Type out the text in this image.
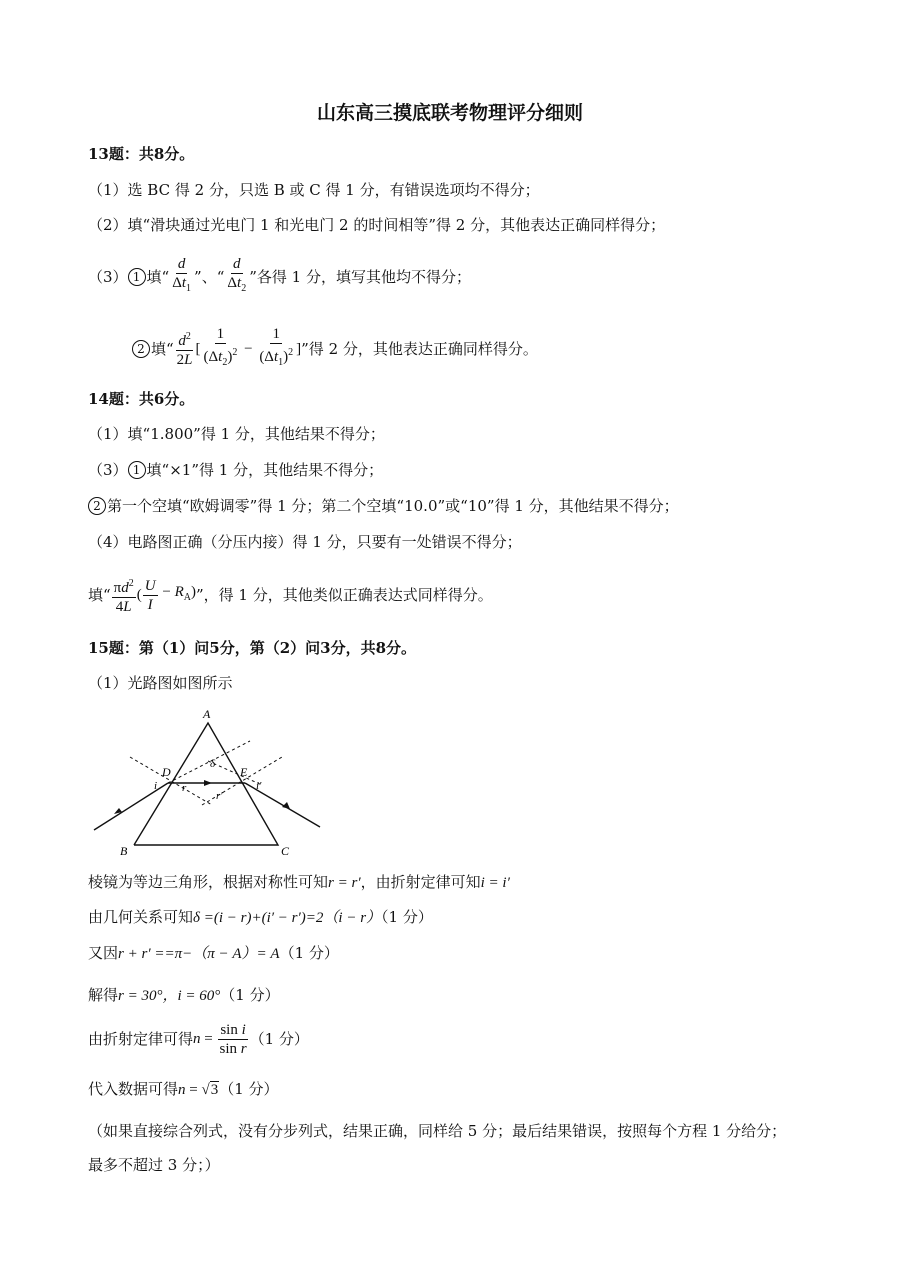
山东高三摸底联考物理评分细则
13题：共8分。
（1）选 BC 得 2 分，只选 B 或 C 得 1 分，有错误选项均不得分；
（2）填“滑块通过光电门 1 和光电门 2 的时间相等”得 2 分，其他表达正确同样得分；
（3） 1 填“ $\frac{d}{\Delta t_1}$ ”、“ $\frac{d}{\Delta t_2}$ ”各得 1 分，填写其他均不得分；
2 填“ $\frac{d^2}{2L}$ [ $\frac{1}{(\Delta t_2)^2} - \frac{1}{(\Delta t_1)^2}$ ] ”得 2 分，其他表达正确同样得分。
14题：共6分。
（1）填“1.800”得 1 分，其他结果不得分；
（3） 1 填“×1”得 1 分，其他结果不得分；
2 第一个空填“欧姆调零”得 1 分；第二个空填“10.0”或“10”得 1 分，其他结果不得分；
（4）电路图正确（分压内接）得 1 分，只要有一处错误不得分；
填“ $\frac{\pi d^2}{4L}$ ( $\frac{U}{I} - R_A$) ”，得 1 分，其他类似正确表达式同样得分。
15题：第（1）问5分，第（2）问3分，共8分。
（1）光路图如图所示
A
B	C
D	E
i r
r′
i′
δ
棱镜为等边三角形，根据对称性可知r = r′，由折射定律可知i = i′
由几何关系可知δ =(i − r)+(i′ − r′)=2（i − r）（1 分）
又因r + r′ ==π−（π − A）= A（1 分）
解得r = 30°，i = 60°（1 分）
由折射定律可得 $n = \frac{\text{sin i}}{\text{sin r}} (1$ 分）
代入数据可得n = √3（1 分）
（如果直接综合列式，没有分步列式，结果正确，同样给 5 分；最后结果错误，按照每个方程 1 分给分；
最多不超过 3 分；）
